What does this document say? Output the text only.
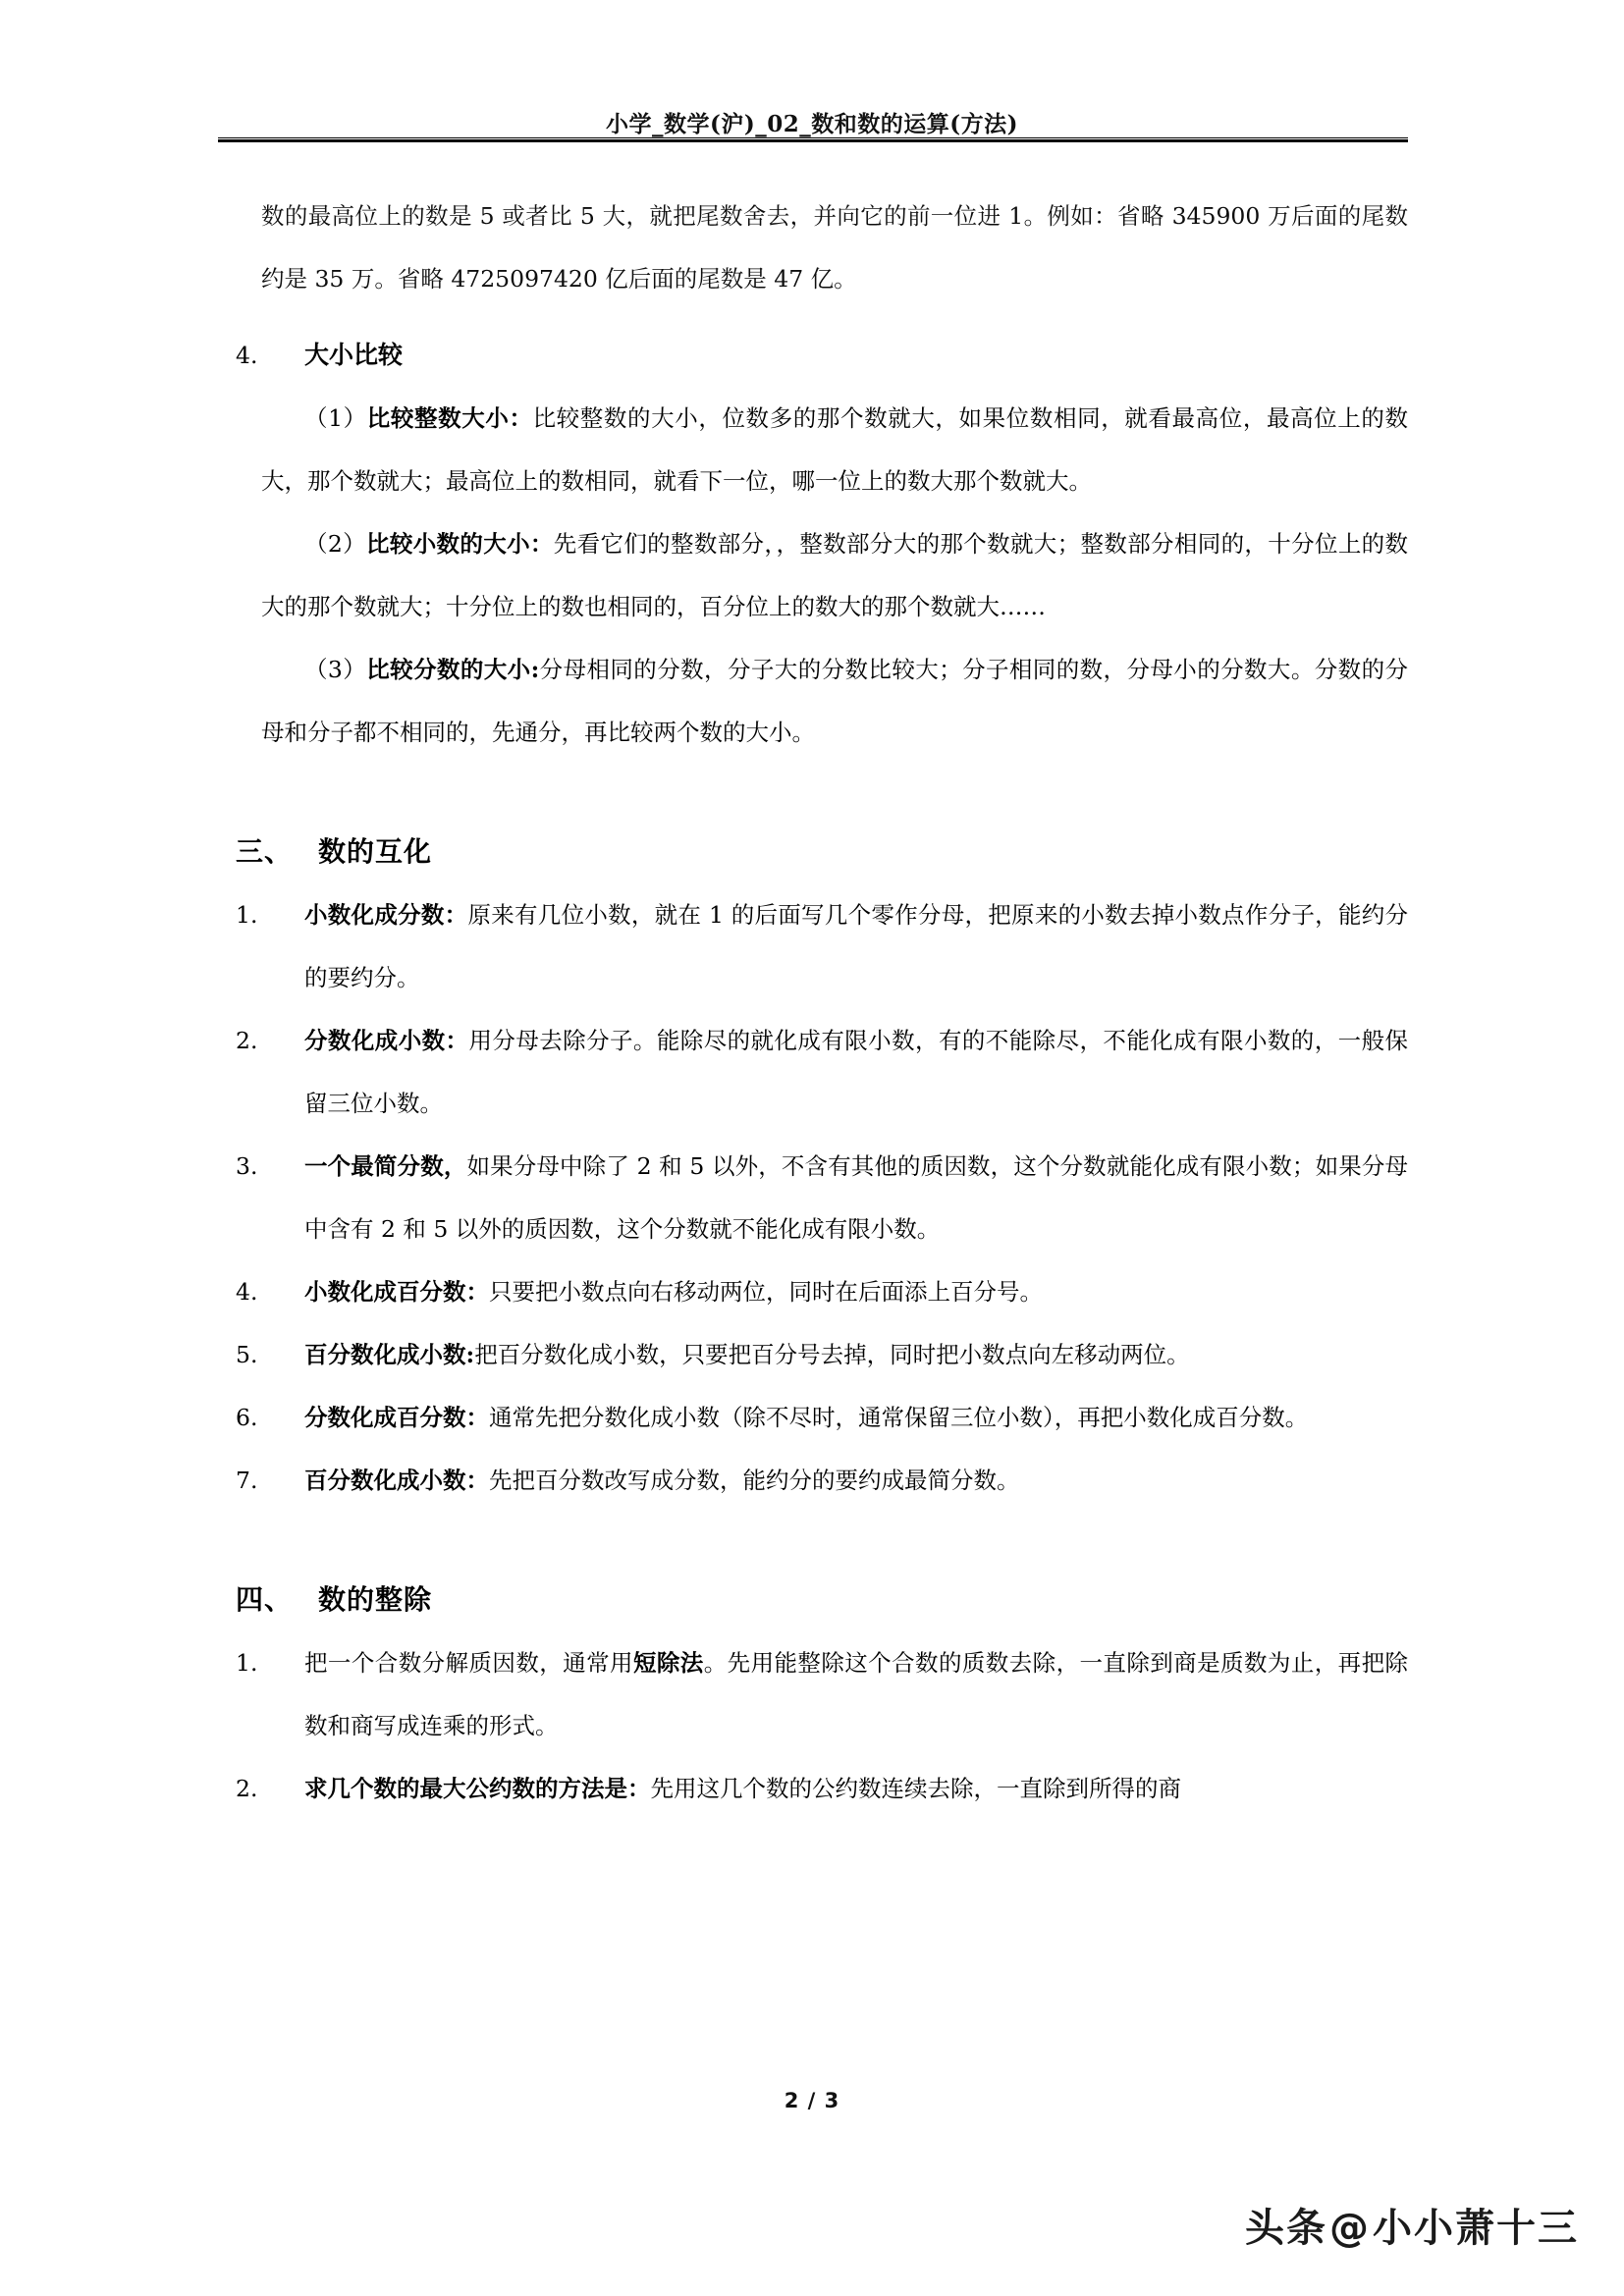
小学_数学(沪)_02_数和数的运算(方法)
数的最高位上的数是 5 或者比 5 大，就把尾数舍去，并向它的前一位进 1。例如：省略 345900 万后面的尾数约是 35 万。省略 4725097420 亿后面的尾数是 47 亿。
4.	大小比较
（1）比较整数大小：比较整数的大小，位数多的那个数就大，如果位数相同，就看最高位，最高位上的数大，那个数就大；最高位上的数相同，就看下一位，哪一位上的数大那个数就大。
（2）比较小数的大小：先看它们的整数部分，，整数部分大的那个数就大；整数部分相同的，十分位上的数大的那个数就大；十分位上的数也相同的，百分位上的数大的那个数就大……
（3）比较分数的大小:分母相同的分数，分子大的分数比较大；分子相同的数，分母小的分数大。分数的分母和分子都不相同的，先通分，再比较两个数的大小。
三、 数的互化
1.	小数化成分数：原来有几位小数，就在 1 的后面写几个零作分母，把原来的小数去掉小数点作分子，能约分的要约分。
2.	分数化成小数：用分母去除分子。能除尽的就化成有限小数，有的不能除尽，不能化成有限小数的，一般保留三位小数。
3.	一个最简分数，如果分母中除了 2 和 5 以外，不含有其他的质因数，这个分数就能化成有限小数；如果分母中含有 2 和 5 以外的质因数，这个分数就不能化成有限小数。
4.	小数化成百分数：只要把小数点向右移动两位，同时在后面添上百分号。
5.	百分数化成小数:把百分数化成小数，只要把百分号去掉，同时把小数点向左移动两位。
6.	分数化成百分数：通常先把分数化成小数（除不尽时，通常保留三位小数），再把小数化成百分数。
7.	百分数化成小数：先把百分数改写成分数，能约分的要约成最简分数。
四、 数的整除
1.	把一个合数分解质因数，通常用短除法。先用能整除这个合数的质数去除，一直除到商是质数为止，再把除数和商写成连乘的形式。
2.	求几个数的最大公约数的方法是：先用这几个数的公约数连续去除，一直除到所得的商
2 / 3
头条@小小萧十三
